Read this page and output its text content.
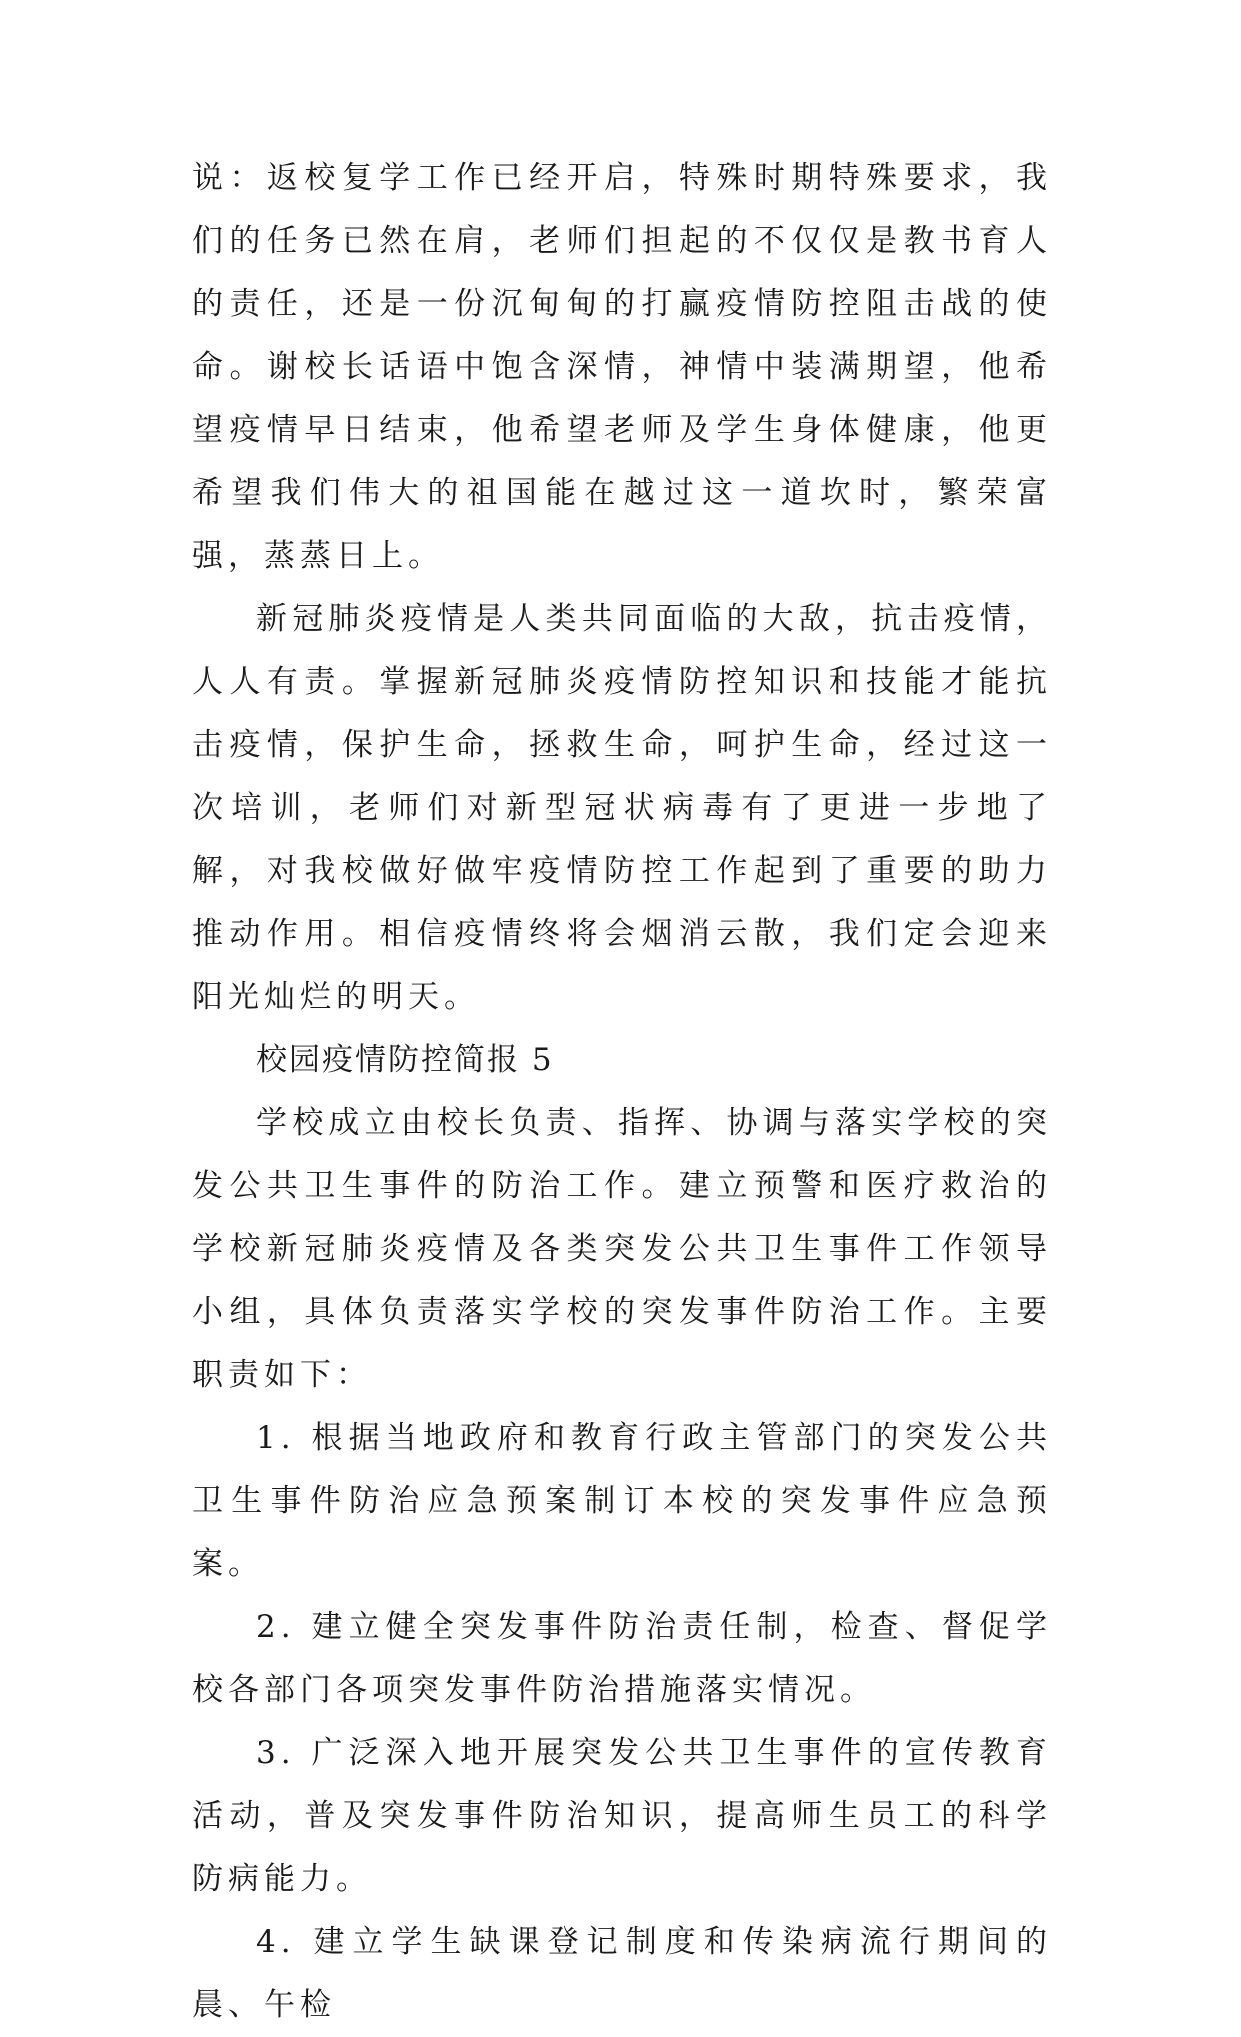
说：返校复学工作已经开启，特殊时期特殊要求，我们的任务已然在肩，老师们担起的不仅仅是教书育人的责任，还是一份沉甸甸的打赢疫情防控阻击战的使命。谢校长话语中饱含深情，神情中装满期望，他希望疫情早日结束，他希望老师及学生身体健康，他更希望我们伟大的祖国能在越过这一道坎时，繁荣富强，蒸蒸日上。

新冠肺炎疫情是人类共同面临的大敌，抗击疫情，人人有责。掌握新冠肺炎疫情防控知识和技能才能抗击疫情，保护生命，拯救生命，呵护生命，经过这一次培训，老师们对新型冠状病毒有了更进一步地了解，对我校做好做牢疫情防控工作起到了重要的助力推动作用。相信疫情终将会烟消云散，我们定会迎来阳光灿烂的明天。

校园疫情防控简报 5

学校成立由校长负责、指挥、协调与落实学校的突发公共卫生事件的防治工作。建立预警和医疗救治的学校新冠肺炎疫情及各类突发公共卫生事件工作领导小组，具体负责落实学校的突发事件防治工作。主要职责如下：

1. 根据当地政府和教育行政主管部门的突发公共卫生事件防治应急预案制订本校的突发事件应急预案。

2. 建立健全突发事件防治责任制，检查、督促学校各部门各项突发事件防治措施落实情况。

3. 广泛深入地开展突发公共卫生事件的宣传教育活动，普及突发事件防治知识，提高师生员工的科学防病能力。

4. 建立学生缺课登记制度和传染病流行期间的晨、午检
